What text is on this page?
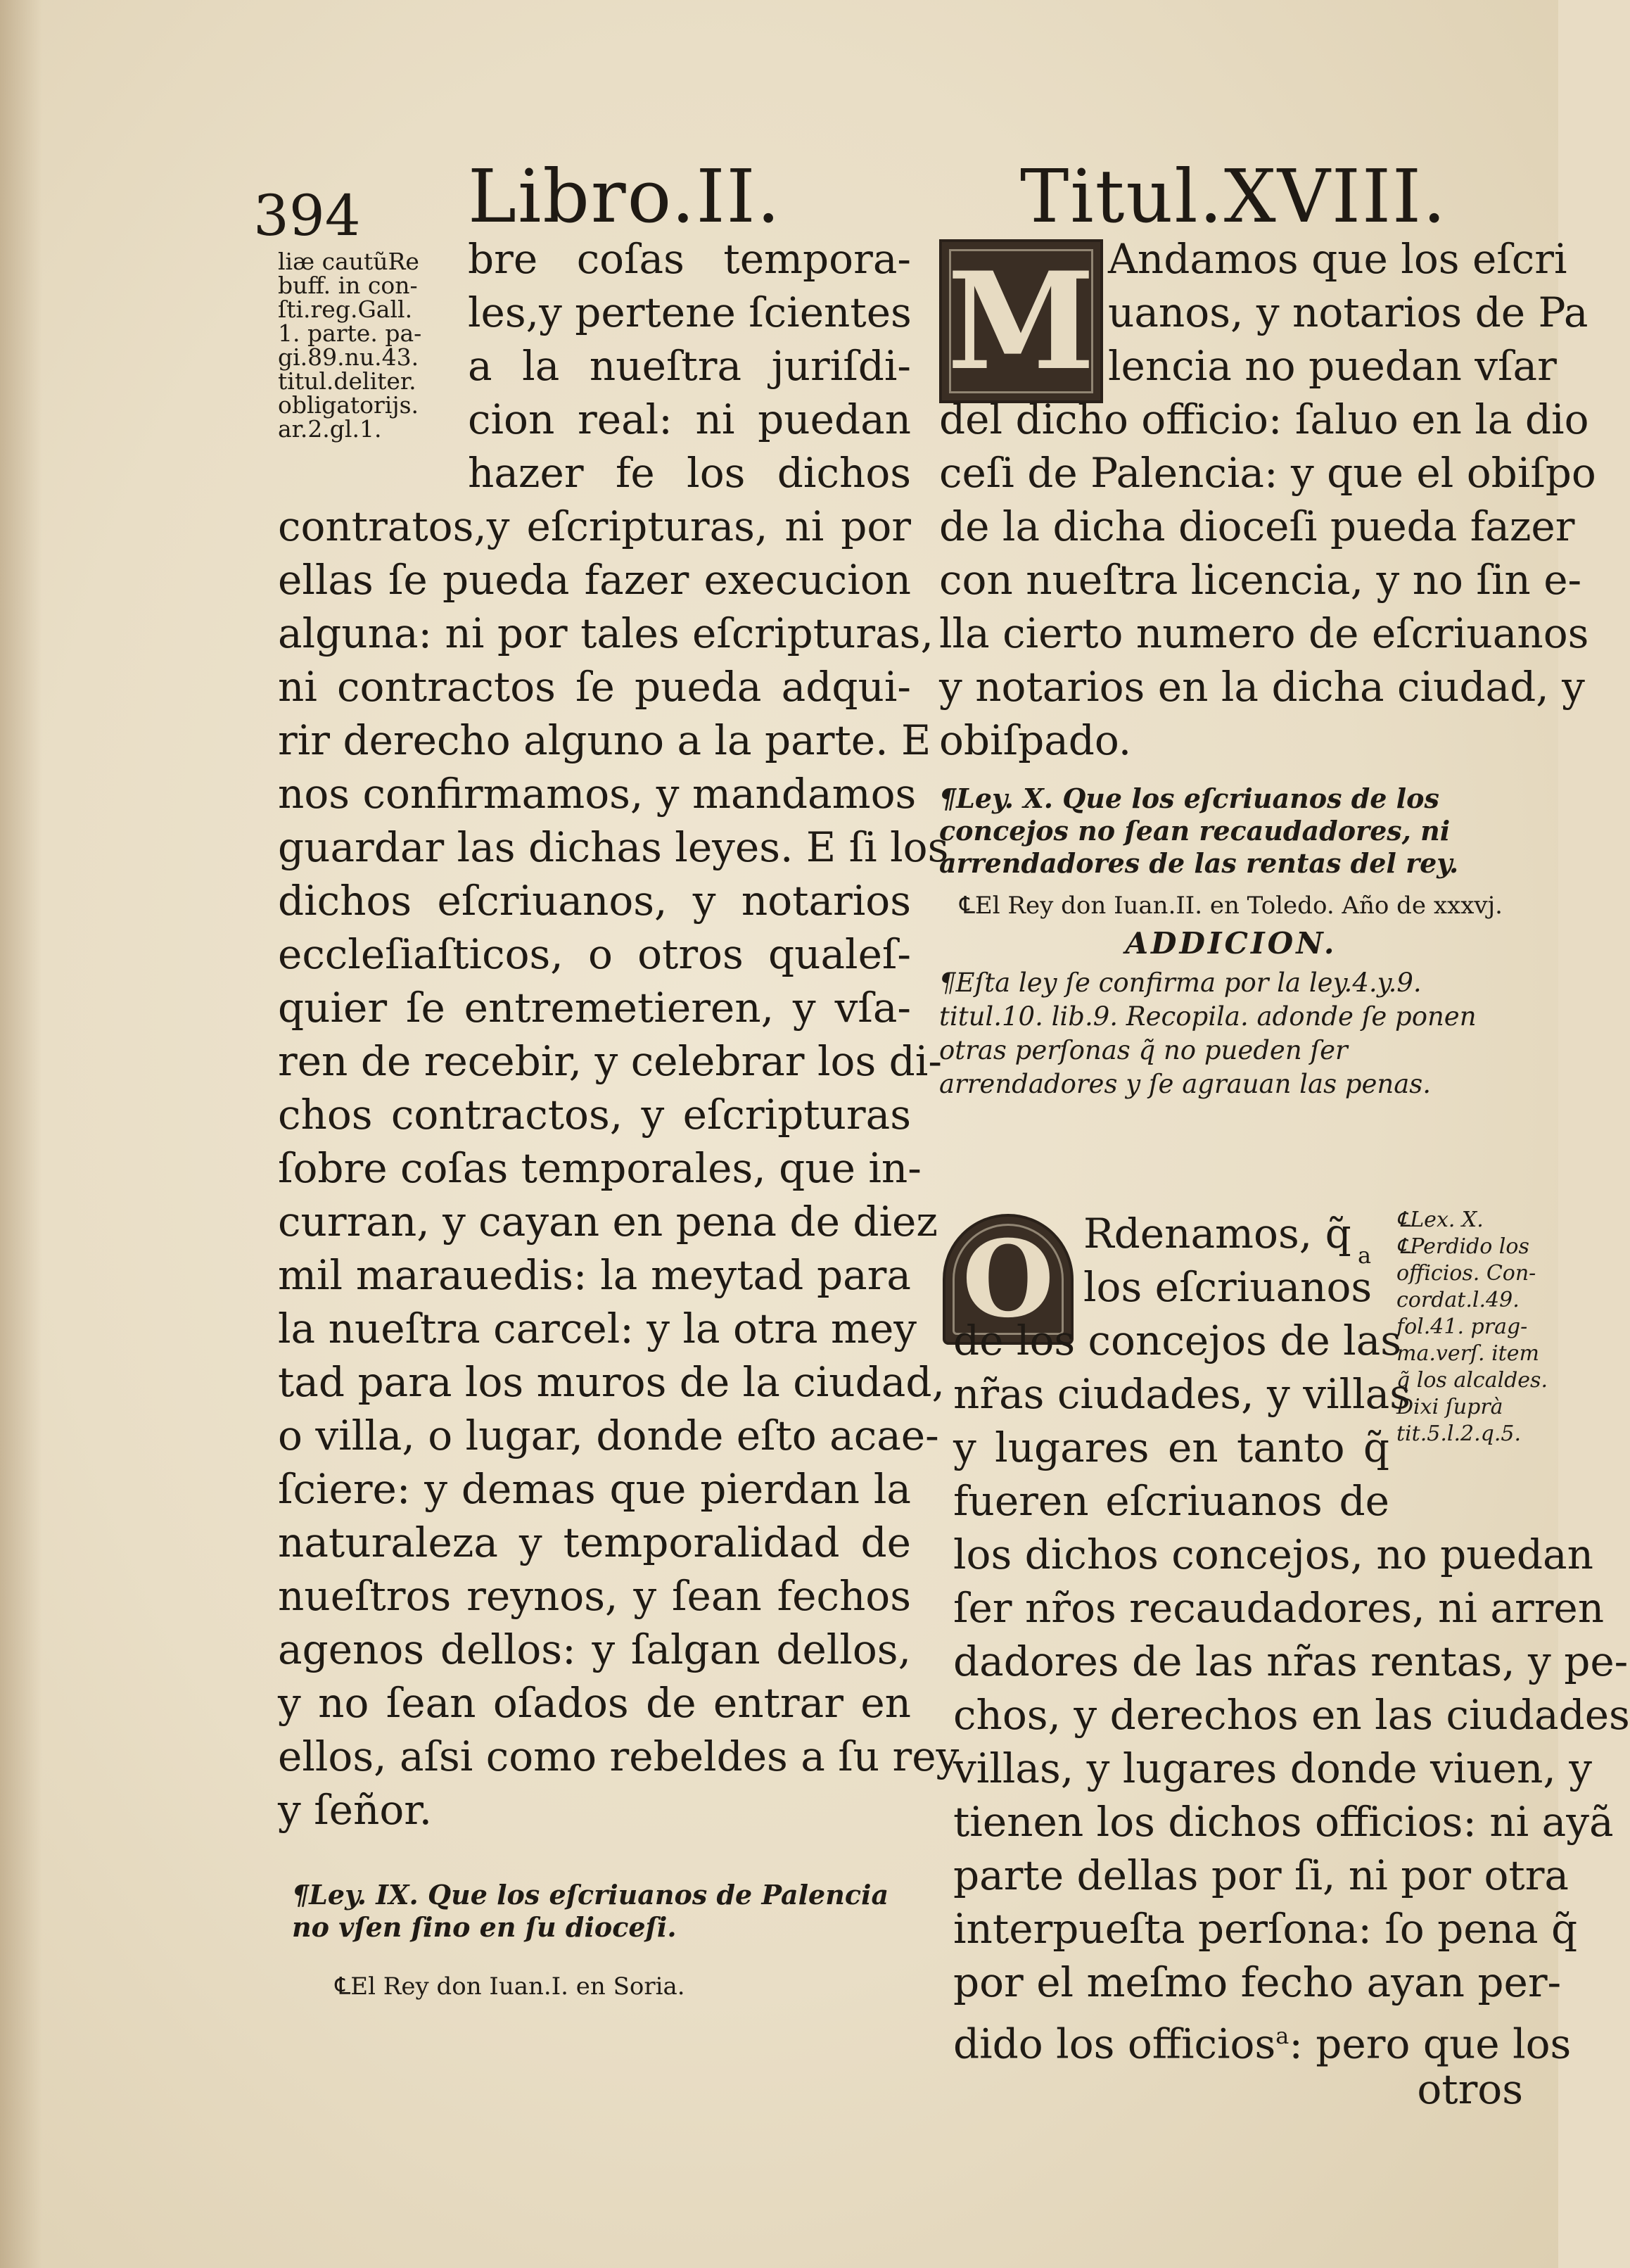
394 Libro.II.	Titul.XVIII.
liæ cautũRe
buff. in con-
ſti.reg.Gall.
1. parte. pa-
gi.89.nu.43.
titul.deliter.
obligatorijs.
ar.2.gl.1.
bre coſas tempora-
les,y pertene ſcientes
a la nueſtra juriſdi-
cion real: ni puedan
hazer fe los dichos
contratos,y eſcripturas, ni por
ellas ſe pueda fazer execucion
alguna: ni por tales eſcripturas,
ni contractos ſe pueda adqui-
rir derecho alguno a la parte. E
nos confirmamos, y mandamos
guardar las dichas leyes. E ſi los
dichos eſcriuanos, y notarios
eccleſiaſticos, o otros qualeſ-
quier ſe entremetieren, y vſa-
ren de recebir, y celebrar los di-
chos contractos, y eſcripturas
ſobre coſas temporales, que in-
curran, y cayan en pena de diez
mil marauedis: la meytad para
la nueſtra carcel: y la otra mey
tad para los muros de la ciudad,
o villa, o lugar, donde eſto acae-
ſciere: y demas que pierdan la
naturaleza y temporalidad de
nueſtros reynos, y ſean fechos
agenos dellos: y ſalgan dellos,
y no ſean oſados de entrar en
ellos, aſsi como rebeldes a ſu rey
y ſeñor.
¶Ley. IX. Que los eſcriuanos de Palencia no vſen ſino en ſu dioceſi.
℄El Rey don Iuan.I. en Soria.
M Andamos que los eſcri
uanos, y notarios de Pa
lencia no puedan vſar
del dicho officio: ſaluo en la dio
ceſi de Palencia: y que el obiſpo
de la dicha dioceſi pueda fazer
con nueſtra licencia, y no ſin e-
lla cierto numero de eſcriuanos
y notarios en la dicha ciudad, y
obiſpado.
¶Ley. X. Que los eſcriuanos de los concejos no ſean recaudadores, ni arrendadores de las rentas del rey.
℄El Rey don Iuan.II. en Toledo. Año de xxxvj.
ADDICION.
¶Eſta ley ſe confirma por la ley.4.y.9. titul.10. lib.9. Recopila. adonde ſe ponen otras perſonas q̃ no pueden ſer arrendadores y ſe agrauan las penas.
O	a
Rdenamos, q̃
los eſcriuanos
de los concejos de las
nr̃as ciudades, y villas
y lugares en tanto q̃
fueren eſcriuanos de
los dichos concejos, no puedan
ſer nr̃os recaudadores, ni arren
dadores de las nr̃as rentas, y pe-
chos, y derechos en las ciudades
villas, y lugares donde viuen, y
tienen los dichos officios: ni ayã
parte dellas por ſi, ni por otra
interpueſta perſona: ſo pena q̃
por el meſmo fecho ayan per-
dido los officios$^a$: pero que los
otros
℄Lex. X.
℄Perdido los
officios. Con-
cordat.l.49.
fol.41. prag-
ma.verſ. item
q̃ los alcaldes.
Dixi ſuprà
tit.5.l.2.q.5.
